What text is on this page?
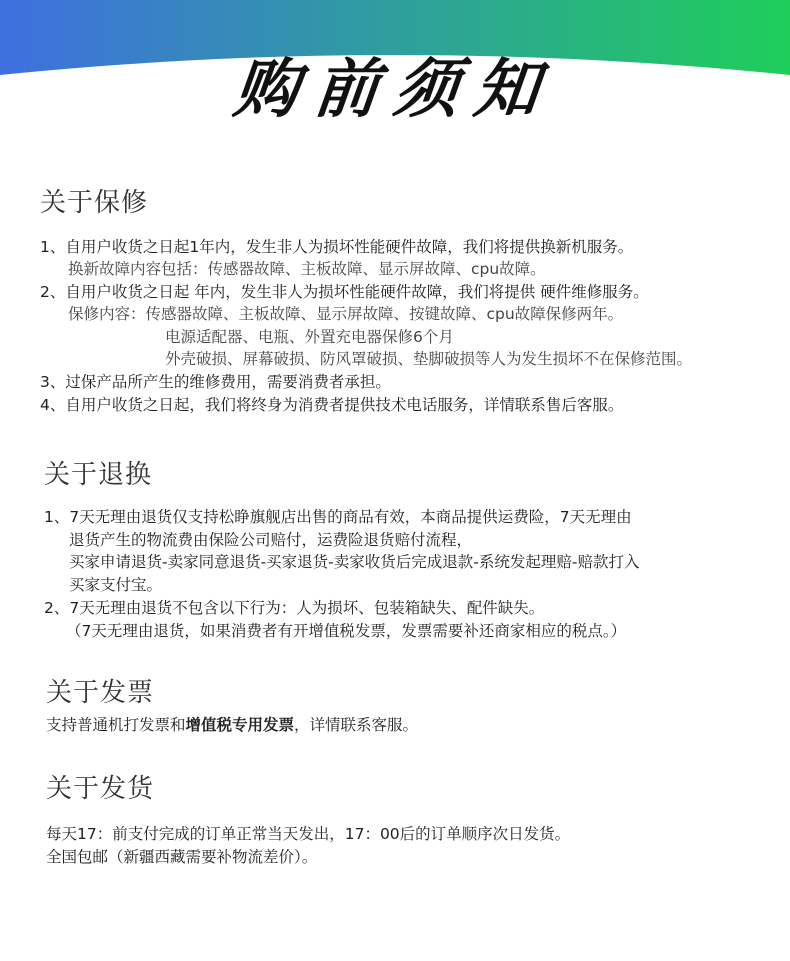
购前须知
关于保修
1、自用户收货之日起1年内，发生非人为损坏性能硬件故障，我们将提供换新机服务。
换新故障内容包括：传感器故障、主板故障、显示屏故障、cpu故障。
2、自用户收货之日起 年内，发生非人为损坏性能硬件故障，我们将提供 硬件维修服务。
保修内容：传感器故障、主板故障、显示屏故障、按键故障、cpu故障保修两年。
电源适配器、电瓶、外置充电器保修6个月
外壳破损、屏幕破损、防风罩破损、垫脚破损等人为发生损坏不在保修范围。
3、过保产品所产生的维修费用，需要消费者承担。
4、自用户收货之日起，我们将终身为消费者提供技术电话服务，详情联系售后客服。
关于退换
1、7天无理由退货仅支持松睁旗舰店出售的商品有效，本商品提供运费险，7天无理由
退货产生的物流费由保险公司赔付，运费险退货赔付流程，
买家申请退货-卖家同意退货-买家退货-卖家收货后完成退款-系统发起理赔-赔款打入
买家支付宝。
2、7天无理由退货不包含以下行为：人为损坏、包装箱缺失、配件缺失。
（7天无理由退货，如果消费者有开增值税发票，发票需要补还商家相应的税点。）
关于发票
支持普通机打发票和增值税专用发票，详情联系客服。
关于发货
每天17：前支付完成的订单正常当天发出，17：00后的订单顺序次日发货。
全国包邮（新疆西藏需要补物流差价）。
